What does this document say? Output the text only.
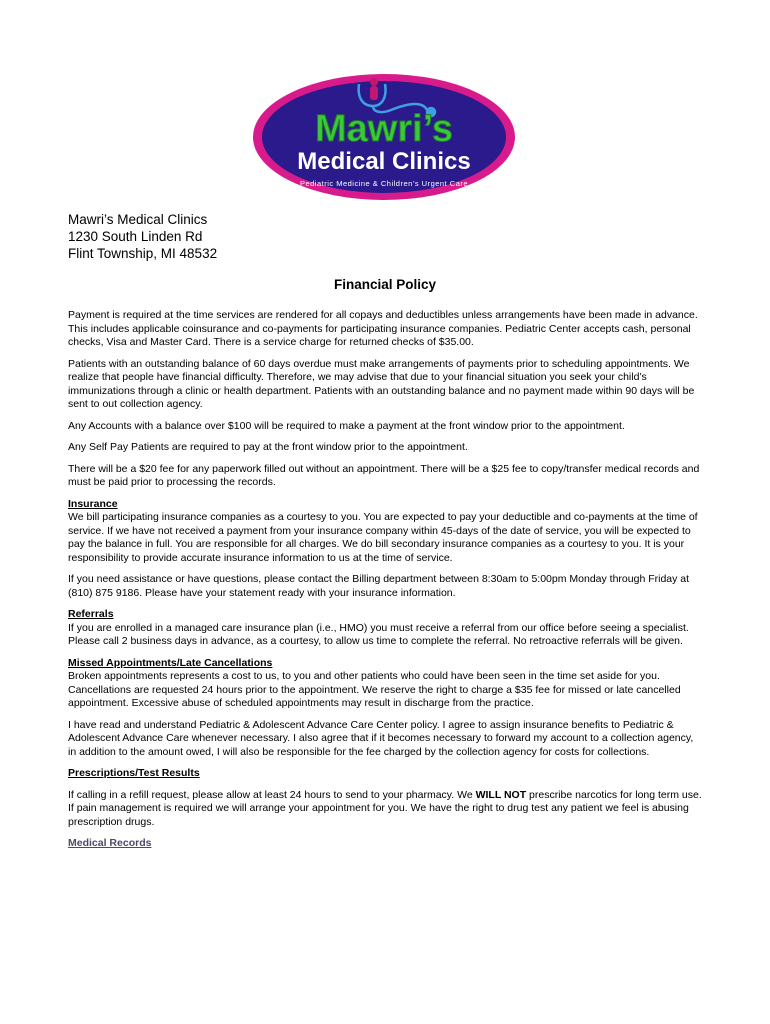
Mawri’s
Medical Clinics
Pediatric Medicine & Children’s Urgent Care
Mawri’s Medical Clinics
1230 South Linden Rd
Flint Township, MI 48532
Financial Policy

Payment is required at the time services are rendered for all copays and deductibles unless arrangements have been made in advance. This includes applicable coinsurance and co-payments for participating insurance companies. Pediatric Center accepts cash, personal checks, Visa and Master Card. There is a service charge for returned checks of $35.00.

Patients with an outstanding balance of 60 days overdue must make arrangements of payments prior to scheduling appointments. We realize that people have financial difficulty. Therefore, we may advise that due to your financial situation you seek your child’s immunizations through a clinic or health department. Patients with an outstanding balance and no payment made within 90 days will be sent to out collection agency.

Any Accounts with a balance over $100 will be required to make a payment at the front window prior to the appointment.

Any Self Pay Patients are required to pay at the front window prior to the appointment.

There will be a $20 fee for any paperwork filled out without an appointment. There will be a $25 fee to copy/transfer medical records and must be paid prior to processing the records.

Insurance
We bill participating insurance companies as a courtesy to you. You are expected to pay your deductible and co-payments at the time of service. If we have not received a payment from your insurance company within 45-days of the date of service, you will be expected to pay the balance in full. You are responsible for all charges. We do bill secondary insurance companies as a courtesy to you. It is your responsibility to provide accurate insurance information to us at the time of service.

If you need assistance or have questions, please contact the Billing department between 8:30am to 5:00pm Monday through Friday at (810) 875 9186. Please have your statement ready with your insurance information.

Referrals
If you are enrolled in a managed care insurance plan (i.e., HMO) you must receive a referral from our office before seeing a specialist. Please call 2 business days in advance, as a courtesy, to allow us time to complete the referral. No retroactive referrals will be given.

Missed Appointments/Late Cancellations
Broken appointments represents a cost to us, to you and other patients who could have been seen in the time set aside for you. Cancellations are requested 24 hours prior to the appointment. We reserve the right to charge a $35 fee for missed or late cancelled appointment. Excessive abuse of scheduled appointments may result in discharge from the practice.

I have read and understand Pediatric & Adolescent Advance Care Center policy. I agree to assign insurance benefits to Pediatric & Adolescent Advance Care whenever necessary. I also agree that if it becomes necessary to forward my account to a collection agency, in addition to the amount owed, I will also be responsible for the fee charged by the collection agency for costs for collections.

Prescriptions/Test Results

If calling in a refill request, please allow at least 24 hours to send to your pharmacy. We WILL NOT prescribe narcotics for long term use. If pain management is required we will arrange your appointment for you. We have the right to drug test any patient we feel is abusing prescription drugs.

Medical Records
